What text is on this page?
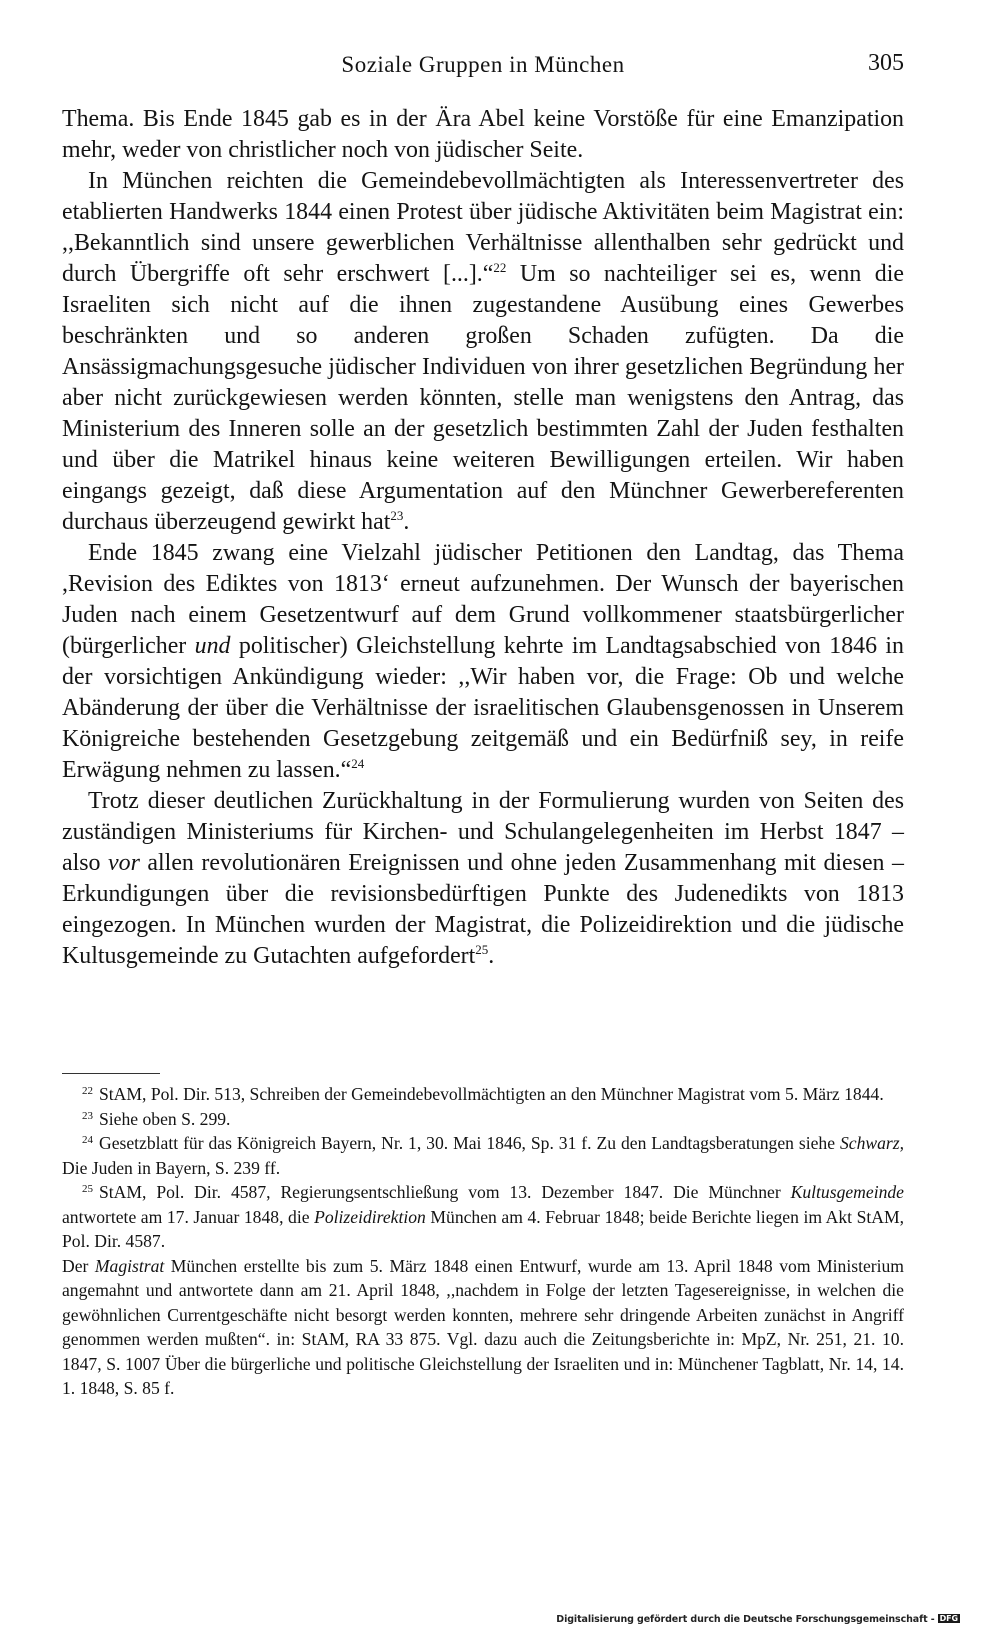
Soziale Gruppen in München	305

Thema. Bis Ende 1845 gab es in der Ära Abel keine Vorstöße für eine Emanzipation mehr, weder von christlicher noch von jüdischer Seite.

In München reichten die Gemeindebevollmächtigten als Interessenvertreter des etablierten Handwerks 1844 einen Protest über jüdische Aktivitäten beim Magistrat ein: ,,Bekanntlich sind unsere gewerblichen Verhältnisse allenthalben sehr gedrückt und durch Übergriffe oft sehr erschwert [...].“$^{22}$ Um so nachteiliger sei es, wenn die Israeliten sich nicht auf die ihnen zugestandene Ausübung eines Gewerbes beschränkten und so anderen großen Schaden zufügten. Da die Ansässigmachungsgesuche jüdischer Individuen von ihrer gesetzlichen Begründung her aber nicht zurückgewiesen werden könnten, stelle man wenigstens den Antrag, das Ministerium des Inneren solle an der gesetzlich bestimmten Zahl der Juden festhalten und über die Matrikel hinaus keine weiteren Bewilligungen erteilen. Wir haben eingangs gezeigt, daß diese Argumentation auf den Münchner Gewerbereferenten durchaus überzeugend gewirkt hat$^{23}$.

Ende 1845 zwang eine Vielzahl jüdischer Petitionen den Landtag, das Thema ,Revision des Ediktes von 1813‘ erneut aufzunehmen. Der Wunsch der bayerischen Juden nach einem Gesetzentwurf auf dem Grund vollkommener staatsbürgerlicher (bürgerlicher und politischer) Gleichstellung kehrte im Landtagsabschied von 1846 in der vorsichtigen Ankündigung wieder: ,,Wir haben vor, die Frage: Ob und welche Abänderung der über die Verhältnisse der israelitischen Glaubensgenossen in Unserem Königreiche bestehenden Gesetzgebung zeitgemäß und ein Bedürfniß sey, in reife Erwägung nehmen zu lassen.“$^{24}$

Trotz dieser deutlichen Zurückhaltung in der Formulierung wurden von Seiten des zuständigen Ministeriums für Kirchen- und Schulangelegenheiten im Herbst 1847 – also vor allen revolutionären Ereignissen und ohne jeden Zusammenhang mit diesen – Erkundigungen über die revisionsbedürftigen Punkte des Judenedikts von 1813 eingezogen. In München wurden der Magistrat, die Polizeidirektion und die jüdische Kultusgemeinde zu Gutachten aufgefordert$^{25}$.

$^{22}$ StAM, Pol. Dir. 513, Schreiben der Gemeindebevollmächtigten an den Münchner Magistrat vom 5. März 1844.

$^{23}$ Siehe oben S. 299.

$^{24}$ Gesetzblatt für das Königreich Bayern, Nr. 1, 30. Mai 1846, Sp. 31 f. Zu den Landtagsberatungen siehe Schwarz, Die Juden in Bayern, S. 239 ff.

$^{25}$ StAM, Pol. Dir. 4587, Regierungsentschließung vom 13. Dezember 1847. Die Münchner Kultusgemeinde antwortete am 17. Januar 1848, die Polizeidirektion München am 4. Februar 1848; beide Berichte liegen im Akt StAM, Pol. Dir. 4587.

Der Magistrat München erstellte bis zum 5. März 1848 einen Entwurf, wurde am 13. April 1848 vom Ministerium angemahnt und antwortete dann am 21. April 1848, ,,nachdem in Folge der letzten Tagesereignisse, in welchen die gewöhnlichen Currentgeschäfte nicht besorgt werden konnten, mehrere sehr dringende Arbeiten zunächst in Angriff genommen werden mußten“. in: StAM, RA 33 875. Vgl. dazu auch die Zeitungsberichte in: MpZ, Nr. 251, 21. 10. 1847, S. 1007 Über die bürgerliche und politische Gleichstellung der Israeliten und in: Münchener Tagblatt, Nr. 14, 14. 1. 1848, S. 85 f.

Digitalisierung gefördert durch die Deutsche Forschungsgemeinschaft - DFG
